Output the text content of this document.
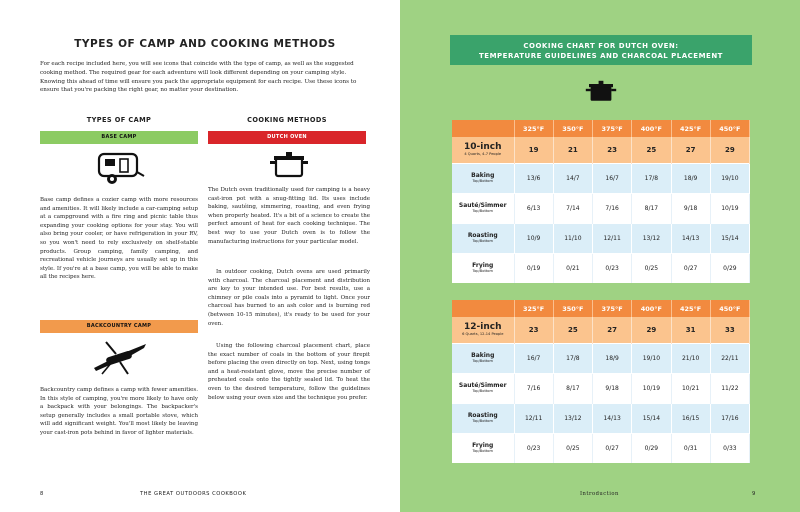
TYPES OF CAMP AND COOKING METHODS

For each recipe included here, you will see icons that coincide with the type of camp, as well as the suggested cooking method. The required gear for each adventure will look different depending on your camping style. Knowing this ahead of time will ensure you pack the appropriate equipment for each recipe. Use these icons to ensure that you're packing the right gear, no matter your destination.

TYPES OF CAMP
BASE CAMP

Base camp defines a cozier camp with more resources and amenities. It will likely include a car-camping setup at a campground with a fire ring and picnic table thus expanding your cooking options for your stay. You will also bring your cooler, or have refrigeration in your RV, so you won't need to rely exclusively on shelf-stable products. Group camping, family camping, and recreational vehicle journeys are usually set up in this style. If you're at a base camp, you will be able to make all the recipes here.

BACKCOUNTRY CAMP

Backcountry camp defines a camp with fewer amenities. In this style of camping, you're more likely to have only a backpack with your belongings. The backpacker's setup generally includes a small portable stove, which will add significant weight. You'll most likely be leaving your cast-iron pots behind in favor of lighter materials.

COOKING METHODS
DUTCH OVEN

The Dutch oven traditionally used for camping is a heavy cast-iron pot with a snug-fitting lid. Its uses include baking, sautéing, simmering, roasting, and even frying when properly heated. It's a bit of a science to create the perfect amount of heat for each cooking technique. The best way to use your Dutch oven is to follow the manufacturing instructions for your particular model.

In outdoor cooking, Dutch ovens are used primarily with charcoal. The charcoal placement and distribution are key to your intended use. For best results, use a chimney or pile coals into a pyramid to light. Once your charcoal has burned to an ash color and is burning red (between 10-15 minutes), it's ready to be used for your oven.

Using the following charcoal placement chart, place the exact number of coals in the bottom of your firepit before placing the oven directly on top. Next, using tongs and a heat-resistant glove, move the precise number of preheated coals onto the tightly sealed lid. To heat the oven to the desired temperature, follow the guidelines below using your oven size and the technique you prefer.

8	THE GREAT OUTDOORS COOKBOOK
COOKING CHART FOR DUTCH OVEN:
TEMPERATURE GUIDELINES AND CHARCOAL PLACEMENT
	325°F	350°F	375°F	400°F	425°F	450°F
10-inch
4 Quarts, 4-7 People	19	21	23	25	27	29
Baking
Top/Bottom	13/6	14/7	16/7	17/8	18/9	19/10
Sauté/Simmer
Top/Bottom	6/13	7/14	7/16	8/17	9/18	10/19
Roasting
Top/Bottom	10/9	11/10	12/11	13/12	14/13	15/14
Frying
Top/Bottom	0/19	0/21	0/23	0/25	0/27	0/29
	325°F	350°F	375°F	400°F	425°F	450°F
12-inch
6 Quarts, 12-14 People	23	25	27	29	31	33
Baking
Top/Bottom	16/7	17/8	18/9	19/10	21/10	22/11
Sauté/Simmer
Top/Bottom	7/16	8/17	9/18	10/19	10/21	11/22
Roasting
Top/Bottom	12/11	13/12	14/13	15/14	16/15	17/16
Frying
Top/Bottom	0/23	0/25	0/27	0/29	0/31	0/33
Introduction	9
